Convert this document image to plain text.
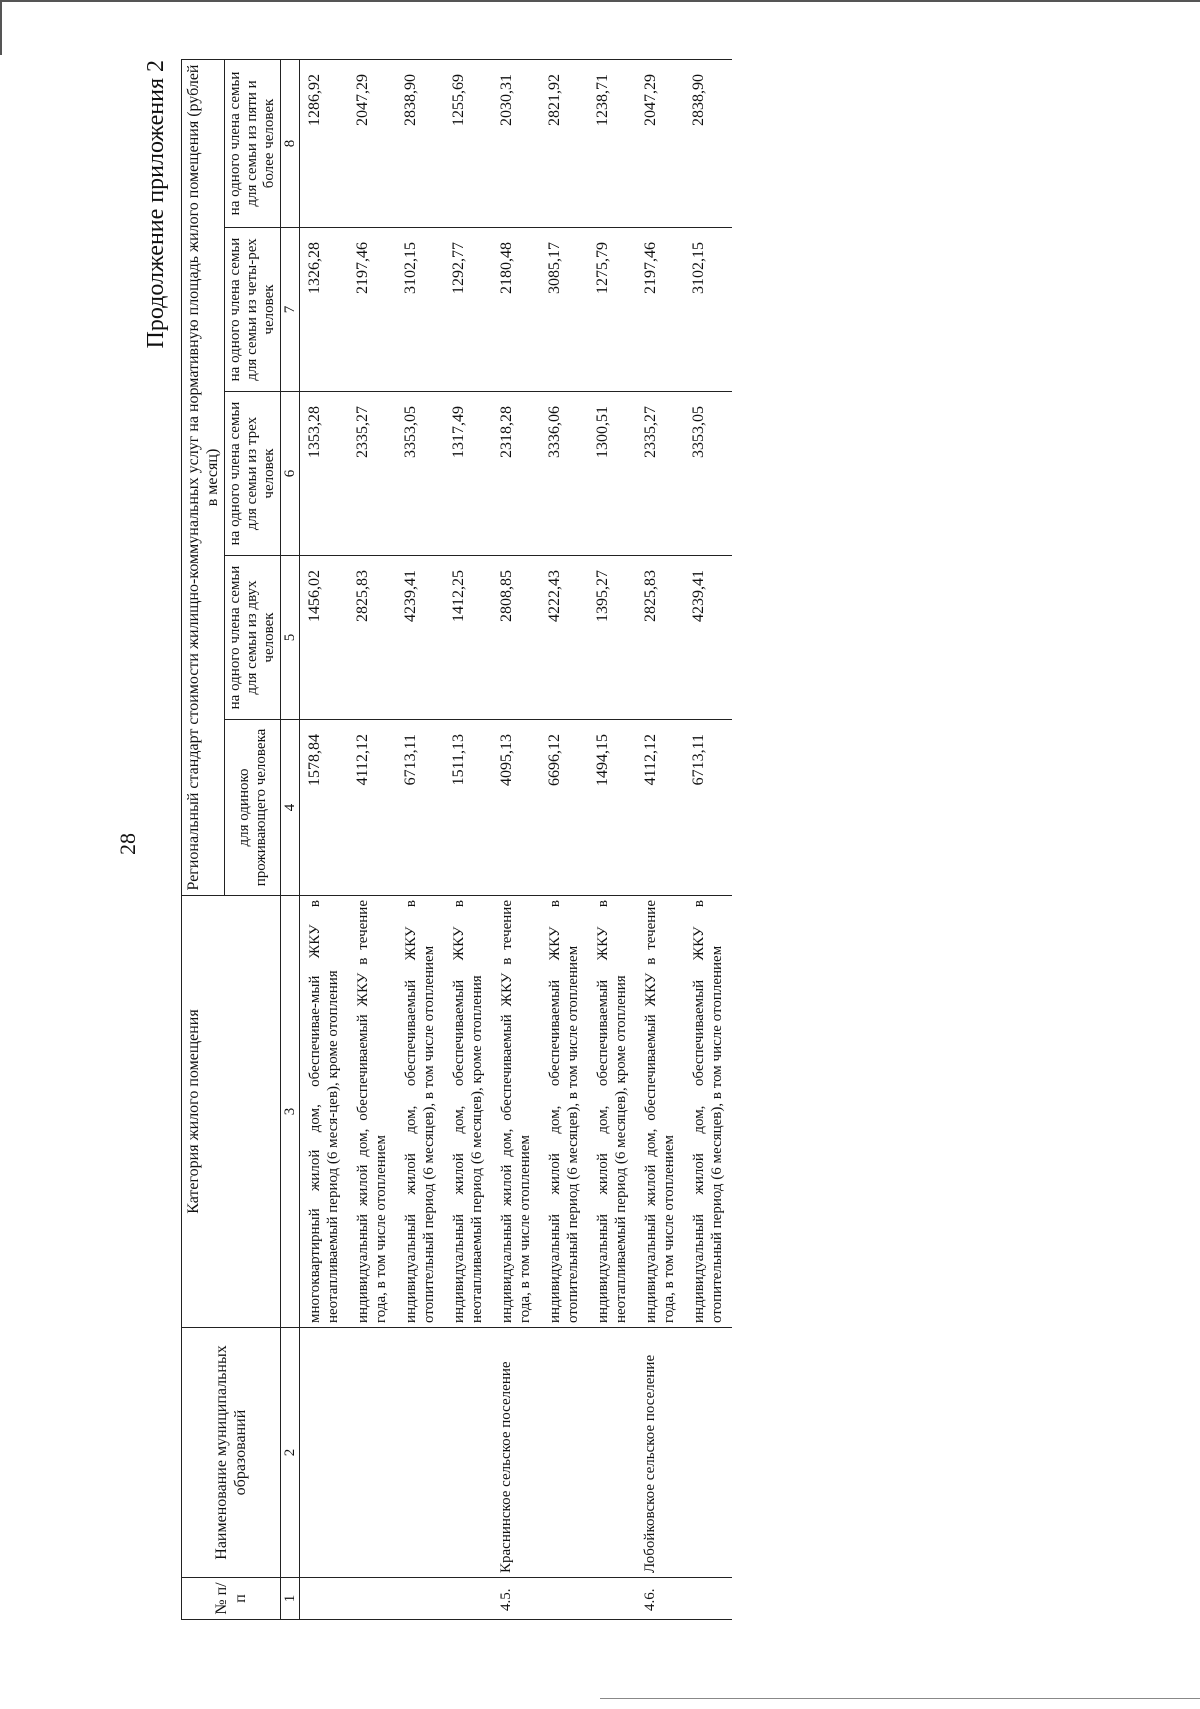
28
Продолжение приложения 2
№ п/п	Наименование муниципальных образований	Категория жилого помещения	Региональный стандарт стоимости жилищно-коммунальных услуг на нормативную площадь жилого помещения (рублей в месяц)				
			для одиноко проживающего человека	на одного члена семьи для семьи из двух человек	на одного члена семьи для семьи из трех человек	на одного члена семьи для семьи из четы-рех человек	на одного члена семьи для семьи из пяти и более человек
1	2	3	4	5	6	7	8
		многоквартирный жилой дом, обеспечивае-мый ЖКУ в неотапливаемый период (6 меся-цев), кроме отопления	1578,84	1456,02	1353,28	1326,28	1286,92
		индивидуальный жилой дом, обеспечиваемый ЖКУ в течение года, в том числе отоплением	4112,12	2825,83	2335,27	2197,46	2047,29
		индивидуальный жилой дом, обеспечиваемый ЖКУ в отопительный период (6 месяцев), в том числе отоплением	6713,11	4239,41	3353,05	3102,15	2838,90
		индивидуальный жилой дом, обеспечиваемый ЖКУ в неотапливаемый период (6 месяцев), кроме отопления	1511,13	1412,25	1317,49	1292,77	1255,69
4.5.	Краснинское сельское поселение	индивидуальный жилой дом, обеспечиваемый ЖКУ в течение года, в том числе отоплением	4095,13	2808,85	2318,28	2180,48	2030,31
		индивидуальный жилой дом, обеспечиваемый ЖКУ в отопительный период (6 месяцев), в том числе отоплением	6696,12	4222,43	3336,06	3085,17	2821,92
		индивидуальный жилой дом, обеспечиваемый ЖКУ в неотапливаемый период (6 месяцев), кроме отопления	1494,15	1395,27	1300,51	1275,79	1238,71
4.6.	Лобойковское сельское поселение	индивидуальный жилой дом, обеспечиваемый ЖКУ в течение года, в том числе отоплением	4112,12	2825,83	2335,27	2197,46	2047,29
		индивидуальный жилой дом, обеспечиваемый ЖКУ в отопительный период (6 месяцев), в том числе отоплением	6713,11	4239,41	3353,05	3102,15	2838,90
